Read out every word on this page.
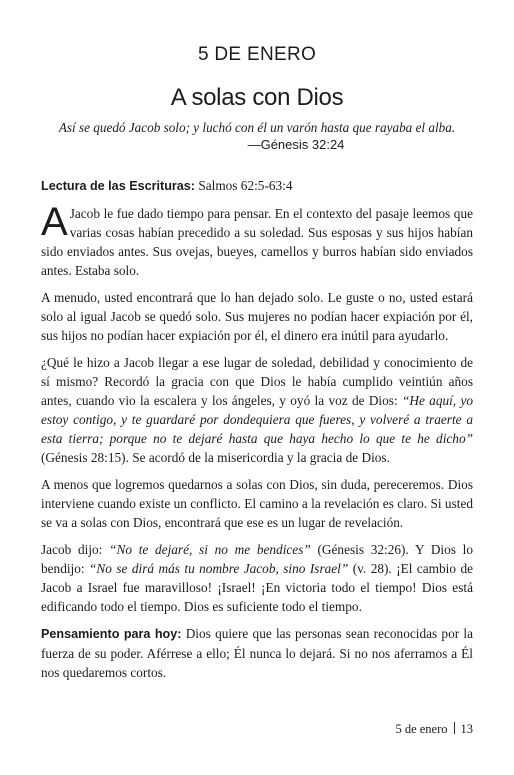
5 DE ENERO
A solas con Dios
Así se quedó Jacob solo; y luchó con él un varón hasta que rayaba el alba.
—Génesis 32:24

Lectura de las Escrituras: Salmos 62:5-63:4

A Jacob le fue dado tiempo para pensar. En el contexto del pasaje leemos que varias cosas habían precedido a su soledad. Sus esposas y sus hijos habían sido enviados antes. Sus ovejas, bueyes, camellos y burros habían sido enviados antes. Estaba solo.

A menudo, usted encontrará que lo han dejado solo. Le guste o no, usted estará solo al igual Jacob se quedó solo. Sus mujeres no podían hacer expiación por él, sus hijos no podían hacer expiación por él, el dinero era inútil para ayudarlo.

¿Qué le hizo a Jacob llegar a ese lugar de soledad, debilidad y conocimiento de sí mismo? Recordó la gracia con que Dios le había cumplido veintiún años antes, cuando vio la escalera y los ángeles, y oyó la voz de Dios: “He aquí, yo estoy contigo, y te guardaré por dondequiera que fueres, y volveré a traerte a esta tierra; porque no te dejaré hasta que haya hecho lo que te he dicho” (Génesis 28:15). Se acordó de la misericordia y la gracia de Dios.

A menos que logremos quedarnos a solas con Dios, sin duda, pereceremos. Dios interviene cuando existe un conflicto. El camino a la revelación es claro. Si usted se va a solas con Dios, encontrará que ese es un lugar de revelación.

Jacob dijo: “No te dejaré, si no me bendices” (Génesis 32:26). Y Dios lo bendijo: “No se dirá más tu nombre Jacob, sino Israel” (v. 28). ¡El cambio de Jacob a Israel fue maravilloso! ¡Israel! ¡En victoria todo el tiempo! Dios está edificando todo el tiempo. Dios es suficiente todo el tiempo.

Pensamiento para hoy: Dios quiere que las personas sean reconocidas por la fuerza de su poder. Aférrese a ello; Él nunca lo dejará. Si no nos aferramos a Él nos quedaremos cortos.

5 de enero 13
